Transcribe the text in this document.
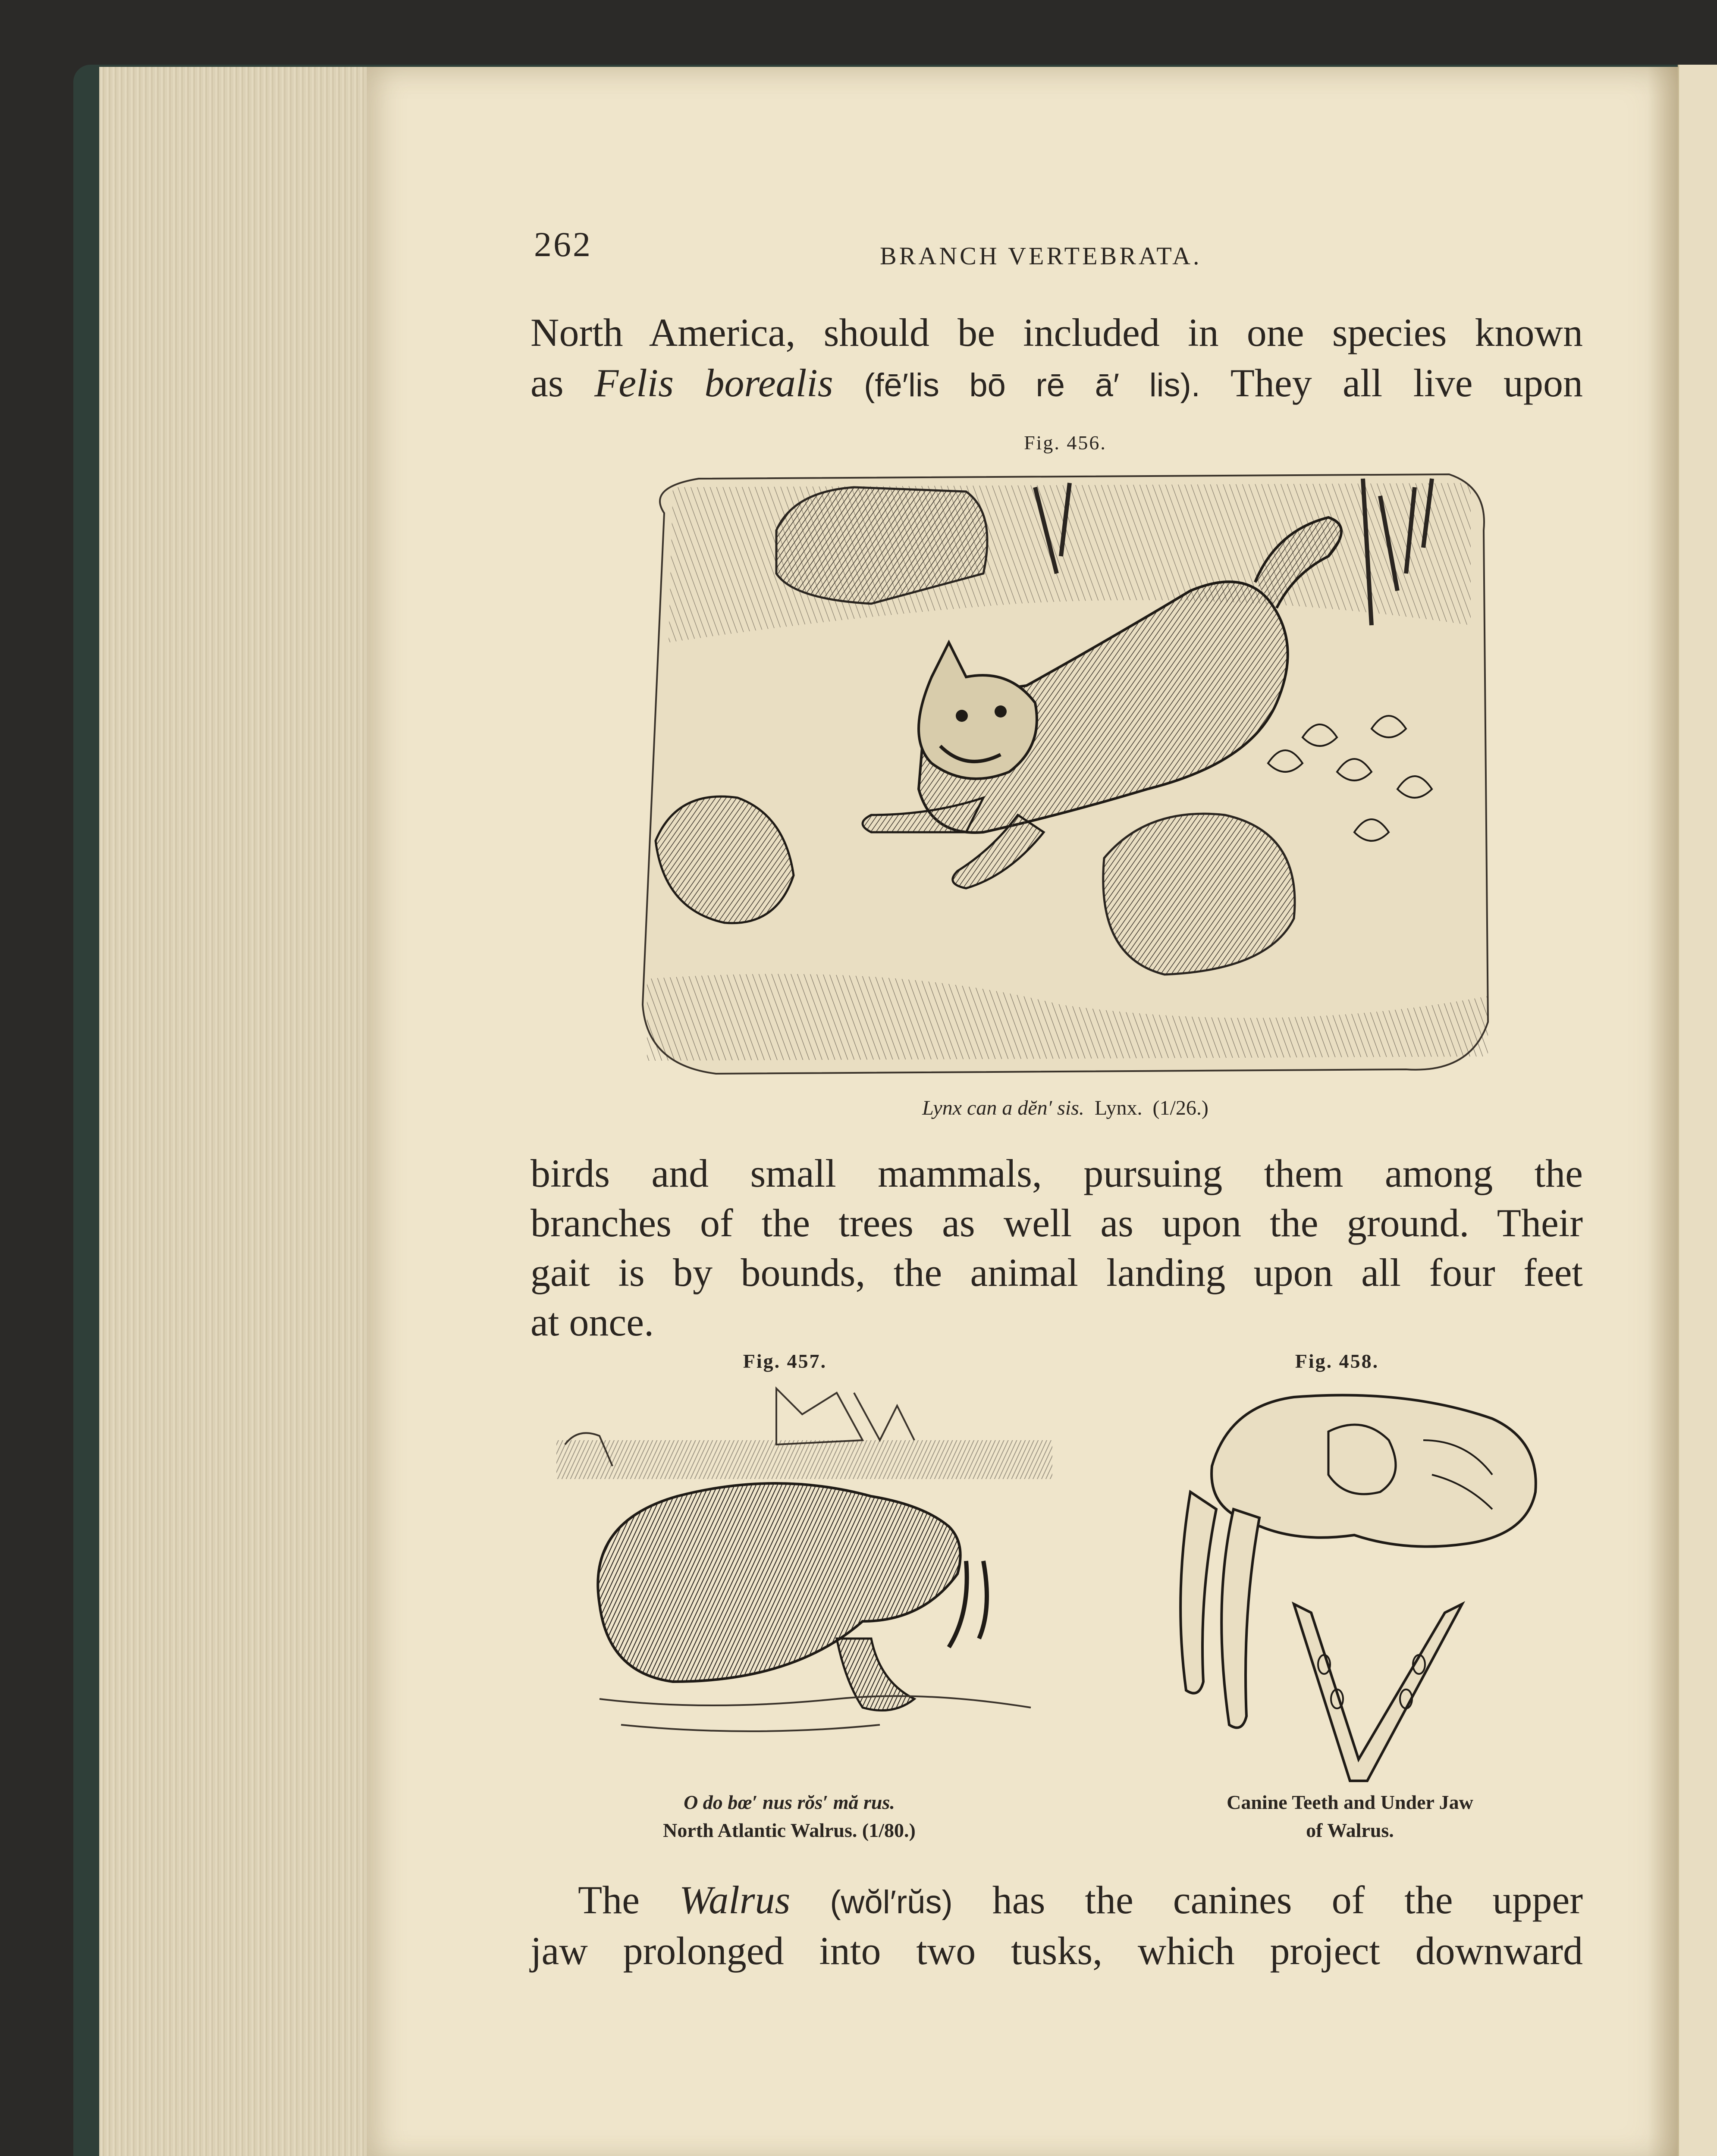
262	BRANCH VERTEBRATA.
North America, should be included in one species known
as Felis borealis (fē′lis bō rē ā′ lis). They all live upon
Fig. 456.
Lynx can a dĕn′ sis. Lynx. (1/26.)
birds and small mammals, pursuing them among the
branches of the trees as well as upon the ground. Their
gait is by bounds, the animal landing upon all four feet
at once.
Fig. 457.
O do bœ′ nus rŏs′ mă rus.
North Atlantic Walrus. (1/80.)
Fig. 458.
Canine Teeth and Under Jaw
of Walrus.
The Walrus (wŏl′rŭs) has the canines of the upper
jaw prolonged into two tusks, which project downward
